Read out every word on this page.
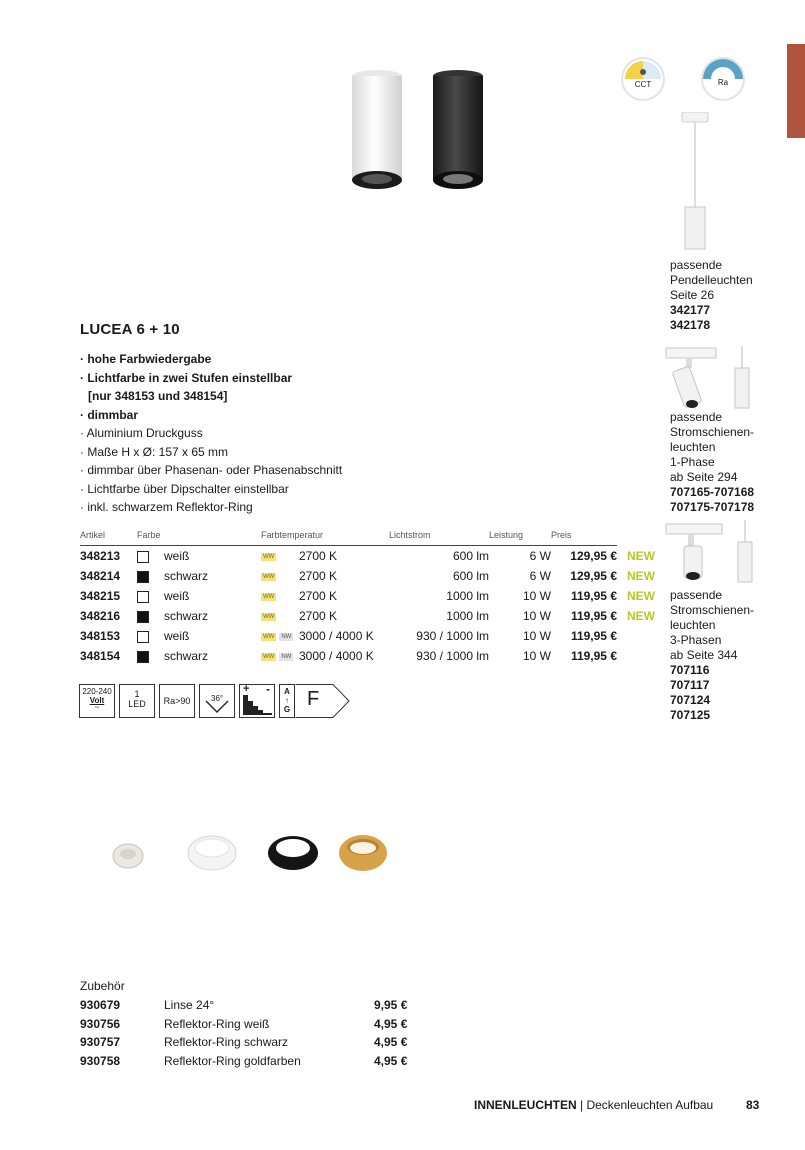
CCT	Ra
passende
Pendelleuchten
Seite 26
342177
342178
passende
Stromschienen-
leuchten
1-Phase
ab Seite 294
707165-707168
707175-707178
passende
Stromschienen-
leuchten
3-Phasen
ab Seite 344
707116
707117
707124
707125
LUCEA 6 + 10
· hohe Farbwiedergabe
· Lichtfarbe in zwei Stufen einstellbar
[nur 348153 und 348154]
· dimmbar
· Aluminium Druckguss
· Maße H x Ø: 157 x 65 mm
· dimmbar über Phasenan- oder Phasenabschnitt
· Lichtfarbe über Dipschalter einstellbar
· inkl. schwarzem Reflektor-Ring
Artikel	Farbe		Farbtemperatur		Lichtstrom	Leistung	Preis	
348213		weiß	WW	2700 K	600 lm	6 W	129,95 €	NEW
348214		schwarz	WW	2700 K	600 lm	6 W	129,95 €	NEW
348215		weiß	WW	2700 K	1000 lm	10 W	119,95 €	NEW
348216		schwarz	WW	2700 K	1000 lm	10 W	119,95 €	NEW
348153		weiß	WW NW	3000 / 4000 K	930 / 1000 lm	10 W	119,95 €	
348154		schwarz	WW NW	3000 / 4000 K	930 / 1000 lm	10 W	119,95 €	
220-240
Volt
~
1
LED	Ra>90	36°
+ -	A
↑
G F
Zubehör
930679	Linse 24°	9,95 €
930756	Reflektor-Ring weiß	4,95 €
930757	Reflektor-Ring schwarz	4,95 €
930758	Reflektor-Ring goldfarben	4,95 €
INNENLEUCHTEN | Deckenleuchten Aufbau	83
